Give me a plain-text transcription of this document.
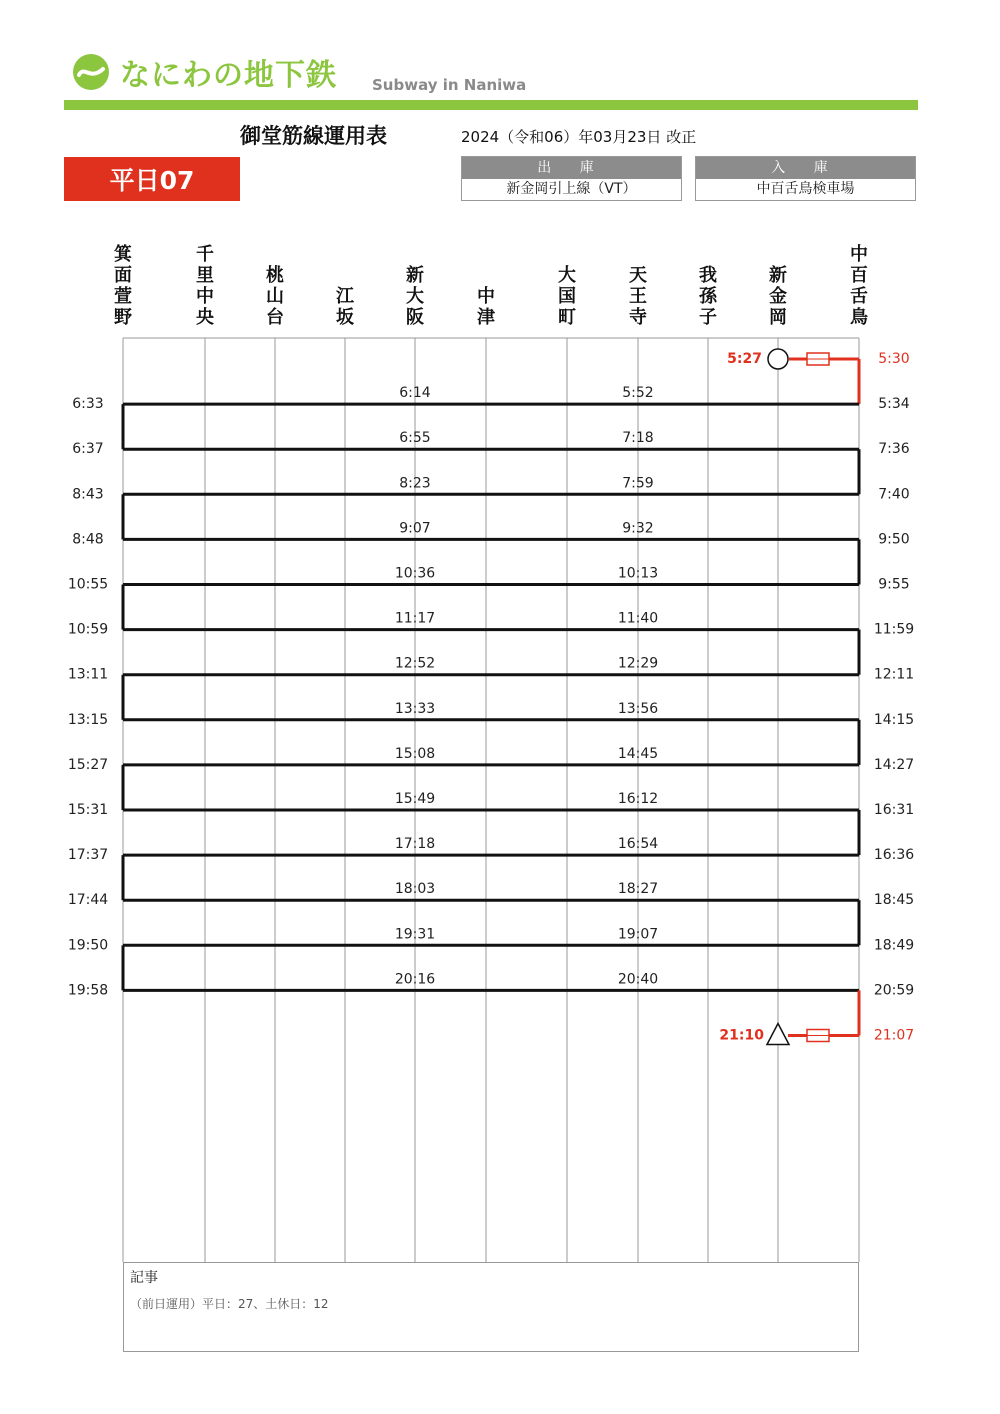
なにわの地下鉄 Subway in Naniwa
御堂筋線運用表	2024（令和06）年03月23日 改正
平日07	出 庫
新金岡引上線（VT）
入 庫
中百舌鳥検車場
箕
面
萱
野
千
里
中
央
桃
山
台
江
坂
新
大
阪
中
津
大
国
町
天
王
寺
我
孫
子
新
金
岡
中
百
舌
鳥
5:27	5:30
6:14	5:52
6:55	7:18
8:23	7:59
9:07	9:32
10:36	10:13
11:17	11:40
12:52	12:29
13:33	13:56
15:08	14:45
15:49	16:12
17:18	16:54
18:03	18:27
19:31	19:07
20:16	20:40
6:33	5:34
6:37	7:36
8:43	7:40
8:48	9:50
10:55	9:55
10:59	11:59
13:11	12:11
13:15	14:15
15:27	14:27
15:31	16:31
17:37	16:36
17:44	18:45
19:50	18:49
19:58	20:59
21:10	21:07
記事
（前日運用）平日：27、土休日：12
